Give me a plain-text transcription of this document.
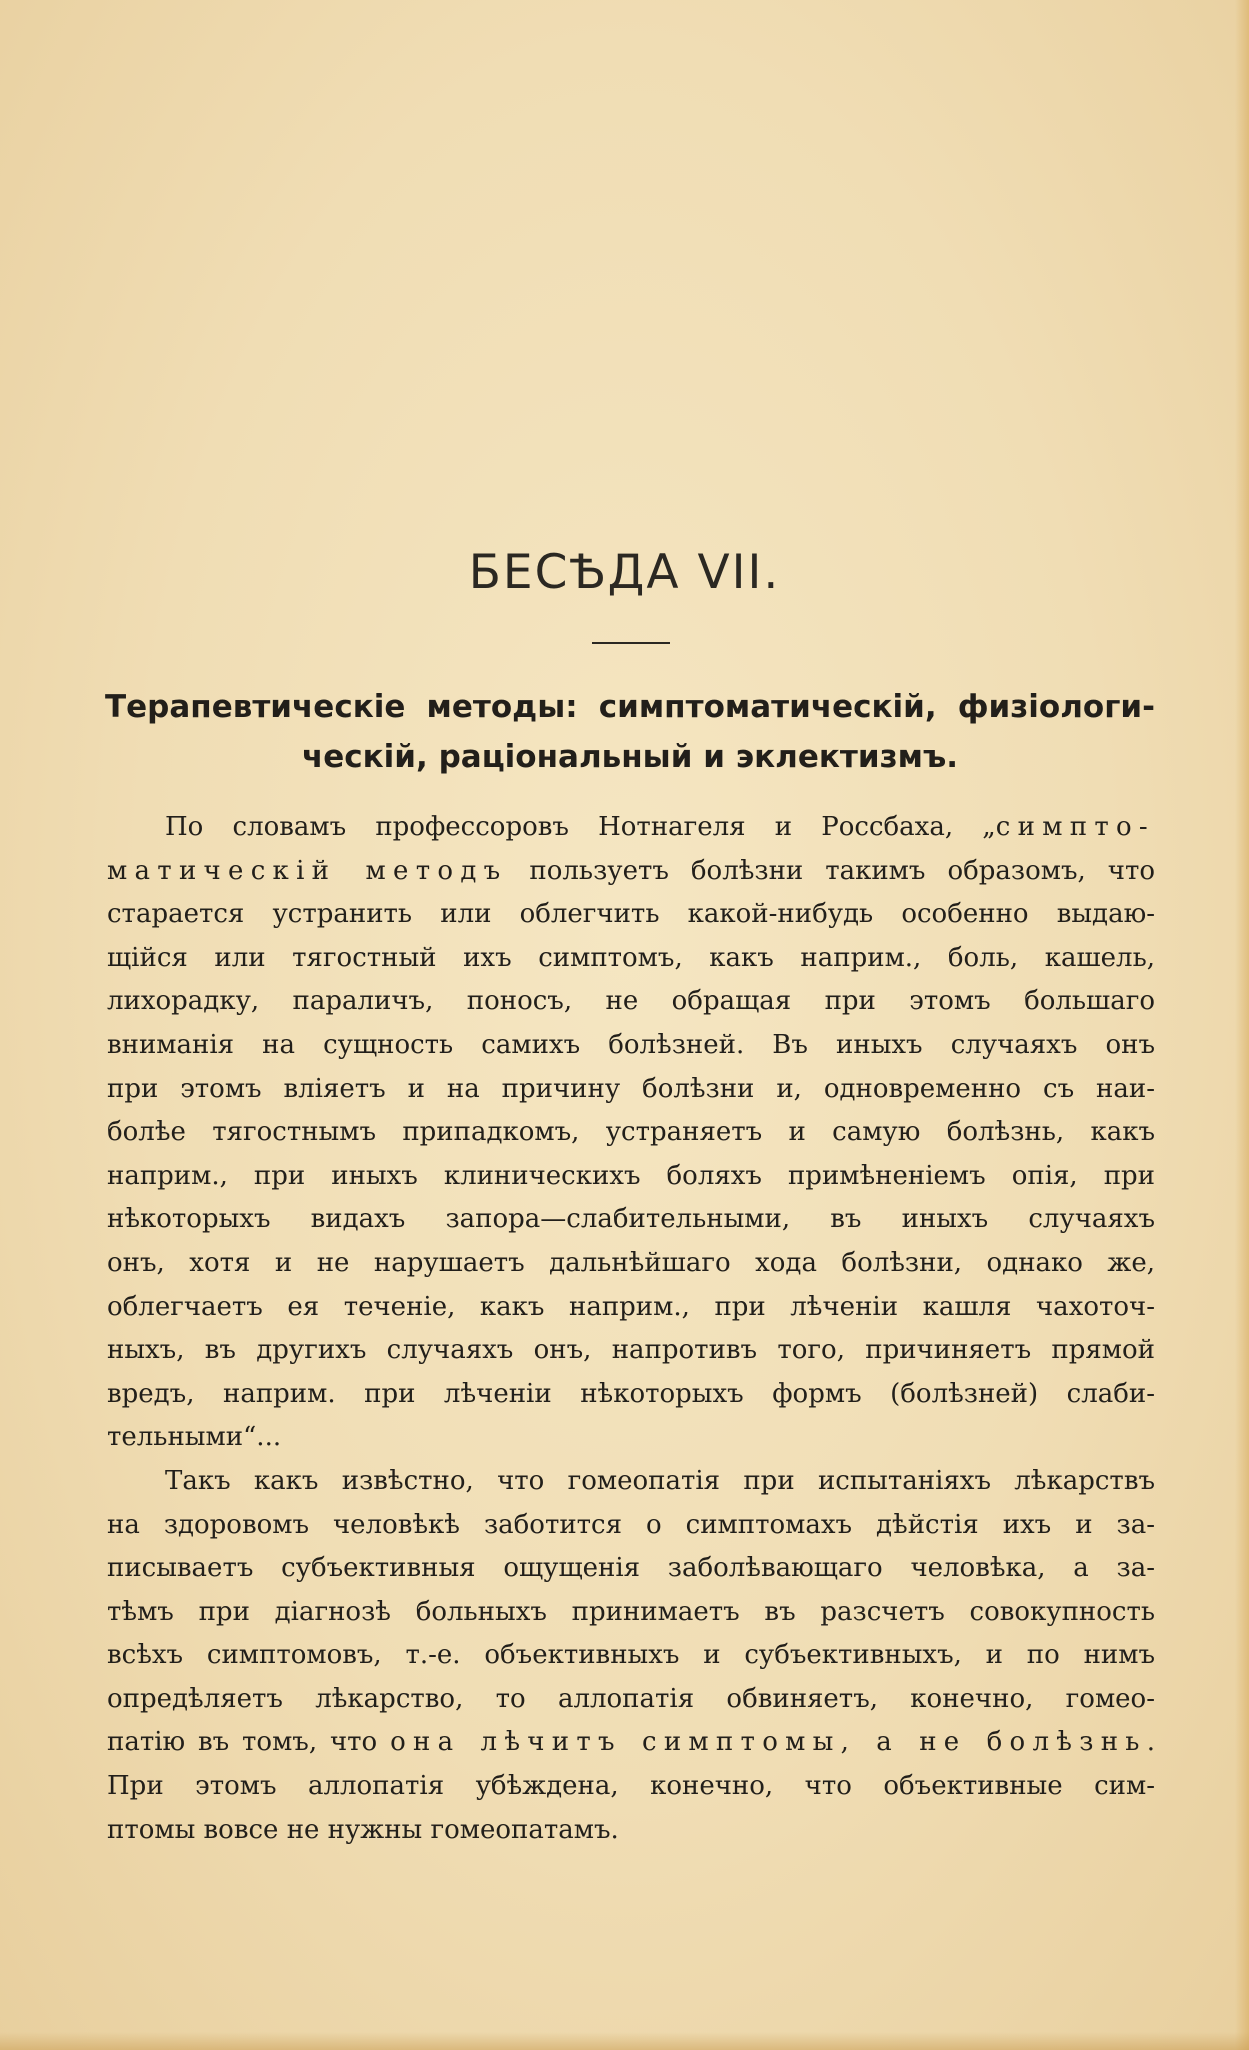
БЕСѢДА VII.
Терапевтическіе методы: симптоматическій, физіологи-
ческій, раціональный и эклектизмъ.
По словамъ профессоровъ Нотнагеля и Россбаха, „симпто-
матическій методъ пользуетъ болѣзни такимъ образомъ, что
старается устранить или облегчить какой-нибудь особенно выдаю-
щійся или тягостный ихъ симптомъ, какъ наприм., боль, кашель,
лихорадку, параличъ, поносъ, не обращая при этомъ большаго
вниманія на сущность самихъ болѣзней. Въ иныхъ случаяхъ онъ
при этомъ вліяетъ и на причину болѣзни и, одновременно съ наи-
болѣе тягостнымъ припадкомъ, устраняетъ и самую болѣзнь, какъ
наприм., при иныхъ клиническихъ боляхъ примѣненіемъ опія, при
нѣкоторыхъ видахъ запора—слабительными, въ иныхъ случаяхъ
онъ, хотя и не нарушаетъ дальнѣйшаго хода болѣзни, однако же,
облегчаетъ ея теченіе, какъ наприм., при лѣченіи кашля чахоточ-
ныхъ, въ другихъ случаяхъ онъ, напротивъ того, причиняетъ прямой
вредъ, наприм. при лѣченіи нѣкоторыхъ формъ (болѣзней) слаби-
тельными“...
Такъ какъ извѣстно, что гомеопатія при испытаніяхъ лѣкарствъ
на здоровомъ человѣкѣ заботится о симптомахъ дѣйстія ихъ и за-
писываетъ субъективныя ощущенія заболѣвающаго человѣка, а за-
тѣмъ при діагнозѣ больныхъ принимаетъ въ разсчетъ совокупность
всѣхъ симптомовъ, т.-е. объективныхъ и субъективныхъ, и по нимъ
опредѣляетъ лѣкарство, то аллопатія обвиняетъ, конечно, гомео-
патію въ томъ, что она лѣчитъ симптомы, а не болѣзнь.
При этомъ аллопатія убѣждена, конечно, что объективные сим-
птомы вовсе не нужны гомеопатамъ.
